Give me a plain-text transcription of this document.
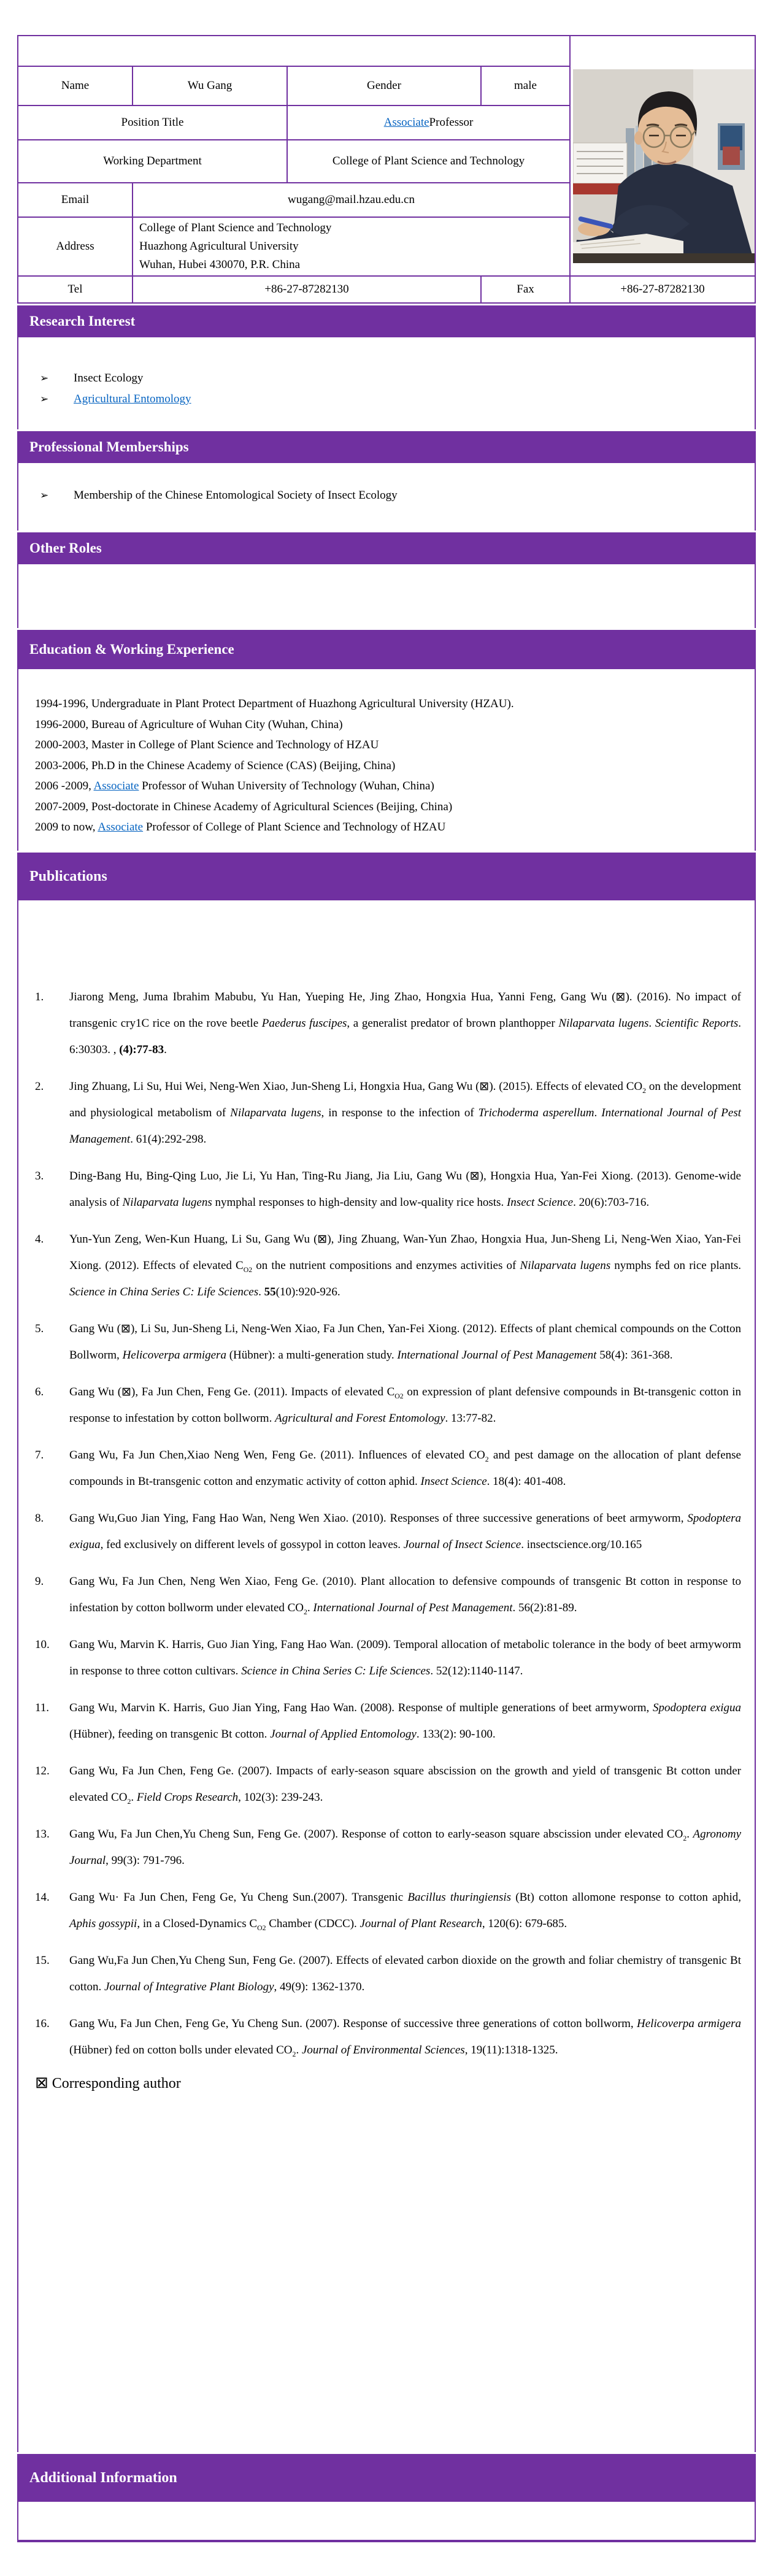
Personal Information
Name	Wu Gang	Gender	male
Position Title	Associate Professor
Working Department	College of Plant Science and Technology
Email	wugang@mail.hzau.edu.cn
Address
College of Plant Science and Technology
Huazhong Agricultural University
Wuhan, Hubei 430070, P.R. China
Tel	+86-27-87282130	Fax	+86-27-87282130
Research Interest
➢	Insect Ecology
➢	Agricultural Entomology
Professional Memberships
➢	Membership of the Chinese Entomological Society of Insect Ecology
Other Roles
Education & Working Experience
1994-1996, Undergraduate in Plant Protect Department of Huazhong Agricultural University (HZAU).
1996-2000, Bureau of Agriculture of Wuhan City (Wuhan, China)
2000-2003, Master in College of Plant Science and Technology of HZAU
2003-2006, Ph.D in the Chinese Academy of Science (CAS) (Beijing, China)
2006 -2009, Associate Professor of Wuhan University of Technology (Wuhan, China)
2007-2009, Post-doctorate in Chinese Academy of Agricultural Sciences (Beijing, China)
2009 to now, Associate Professor of College of Plant Science and Technology of HZAU
Publications
1.	Jiarong Meng, Juma Ibrahim Mabubu, Yu Han, Yueping He, Jing Zhao, Hongxia Hua, Yanni Feng, Gang Wu (⊠). (2016). No impact of transgenic cry1C rice on the rove beetle Paederus fuscipes, a generalist predator of brown planthopper Nilaparvata lugens. Scientific Reports. 6:30303. , (4):77-83.
2.	Jing Zhuang, Li Su, Hui Wei, Neng-Wen Xiao, Jun-Sheng Li, Hongxia Hua, Gang Wu (⊠). (2015). Effects of elevated $CO_2$ on the development and physiological metabolism of Nilaparvata lugens, in response to the infection of Trichoderma asperellum. International Journal of Pest Management. 61(4):292-298.
3.	Ding-Bang Hu, Bing-Qing Luo, Jie Li, Yu Han, Ting-Ru Jiang, Jia Liu, Gang Wu (⊠), Hongxia Hua, Yan-Fei Xiong. (2013). Genome-wide analysis of Nilaparvata lugens nymphal responses to high-density and low-quality rice hosts. Insect Science. 20(6):703-716.
4.	Yun-Yun Zeng, Wen-Kun Huang, Li Su, Gang Wu (⊠), Jing Zhuang, Wan-Yun Zhao, Hongxia Hua, Jun-Sheng Li, Neng-Wen Xiao, Yan-Fei Xiong. (2012). Effects of elevated $C_{O2}$ on the nutrient compositions and enzymes activities of Nilaparvata lugens nymphs fed on rice plants. Science in China Series C: Life Sciences. 55(10):920-926.
5.	Gang Wu (⊠), Li Su, Jun-Sheng Li, Neng-Wen Xiao, Fa Jun Chen, Yan-Fei Xiong. (2012). Effects of plant chemical compounds on the Cotton Bollworm, Helicoverpa armigera (Hübner): a multi-generation study. International Journal of Pest Management 58(4): 361-368.
6.	Gang Wu (⊠), Fa Jun Chen, Feng Ge. (2011). Impacts of elevated $C_{O2}$ on expression of plant defensive compounds in Bt-transgenic cotton in response to infestation by cotton bollworm. Agricultural and Forest Entomology. 13:77-82.
7.	Gang Wu, Fa Jun Chen,Xiao Neng Wen, Feng Ge. (2011). Influences of elevated $CO_2$ and pest damage on the allocation of plant defense compounds in Bt-transgenic cotton and enzymatic activity of cotton aphid. Insect Science. 18(4): 401-408.
8.	Gang Wu,Guo Jian Ying, Fang Hao Wan, Neng Wen Xiao. (2010). Responses of three successive generations of beet armyworm, Spodoptera exigua, fed exclusively on different levels of gossypol in cotton leaves. Journal of Insect Science. insectscience.org/10.165
9.	Gang Wu, Fa Jun Chen, Neng Wen Xiao, Feng Ge. (2010). Plant allocation to defensive compounds of transgenic Bt cotton in response to infestation by cotton bollworm under elevated $CO_2$. International Journal of Pest Management. 56(2):81-89.
10.	Gang Wu, Marvin K. Harris, Guo Jian Ying, Fang Hao Wan. (2009). Temporal allocation of metabolic tolerance in the body of beet armyworm in response to three cotton cultivars. Science in China Series C: Life Sciences. 52(12):1140-1147.
11.	Gang Wu, Marvin K. Harris, Guo Jian Ying, Fang Hao Wan. (2008). Response of multiple generations of beet armyworm, Spodoptera exigua (Hübner), feeding on transgenic Bt cotton. Journal of Applied Entomology. 133(2): 90-100.
12.	Gang Wu, Fa Jun Chen, Feng Ge. (2007). Impacts of early-season square abscission on the growth and yield of transgenic Bt cotton under elevated $CO_2$. Field Crops Research, 102(3): 239-243.
13.	Gang Wu, Fa Jun Chen,Yu Cheng Sun, Feng Ge. (2007). Response of cotton to early-season square abscission under elevated $CO_2$. Agronomy Journal, 99(3): 791-796.
14.	Gang Wu· Fa Jun Chen, Feng Ge, Yu Cheng Sun.(2007). Transgenic Bacillus thuringiensis (Bt) cotton allomone response to cotton aphid, Aphis gossypii, in a Closed-Dynamics $C_{O2}$ Chamber (CDCC). Journal of Plant Research, 120(6): 679-685.
15.	Gang Wu,Fa Jun Chen,Yu Cheng Sun, Feng Ge. (2007). Effects of elevated carbon dioxide on the growth and foliar chemistry of transgenic Bt cotton. Journal of Integrative Plant Biology, 49(9): 1362-1370.
16.	Gang Wu, Fa Jun Chen, Feng Ge, Yu Cheng Sun. (2007). Response of successive three generations of cotton bollworm, Helicoverpa armigera (Hübner) fed on cotton bolls under elevated $CO_2$. Journal of Environmental Sciences, 19(11):1318-1325.
⊠ Corresponding author
Additional Information
